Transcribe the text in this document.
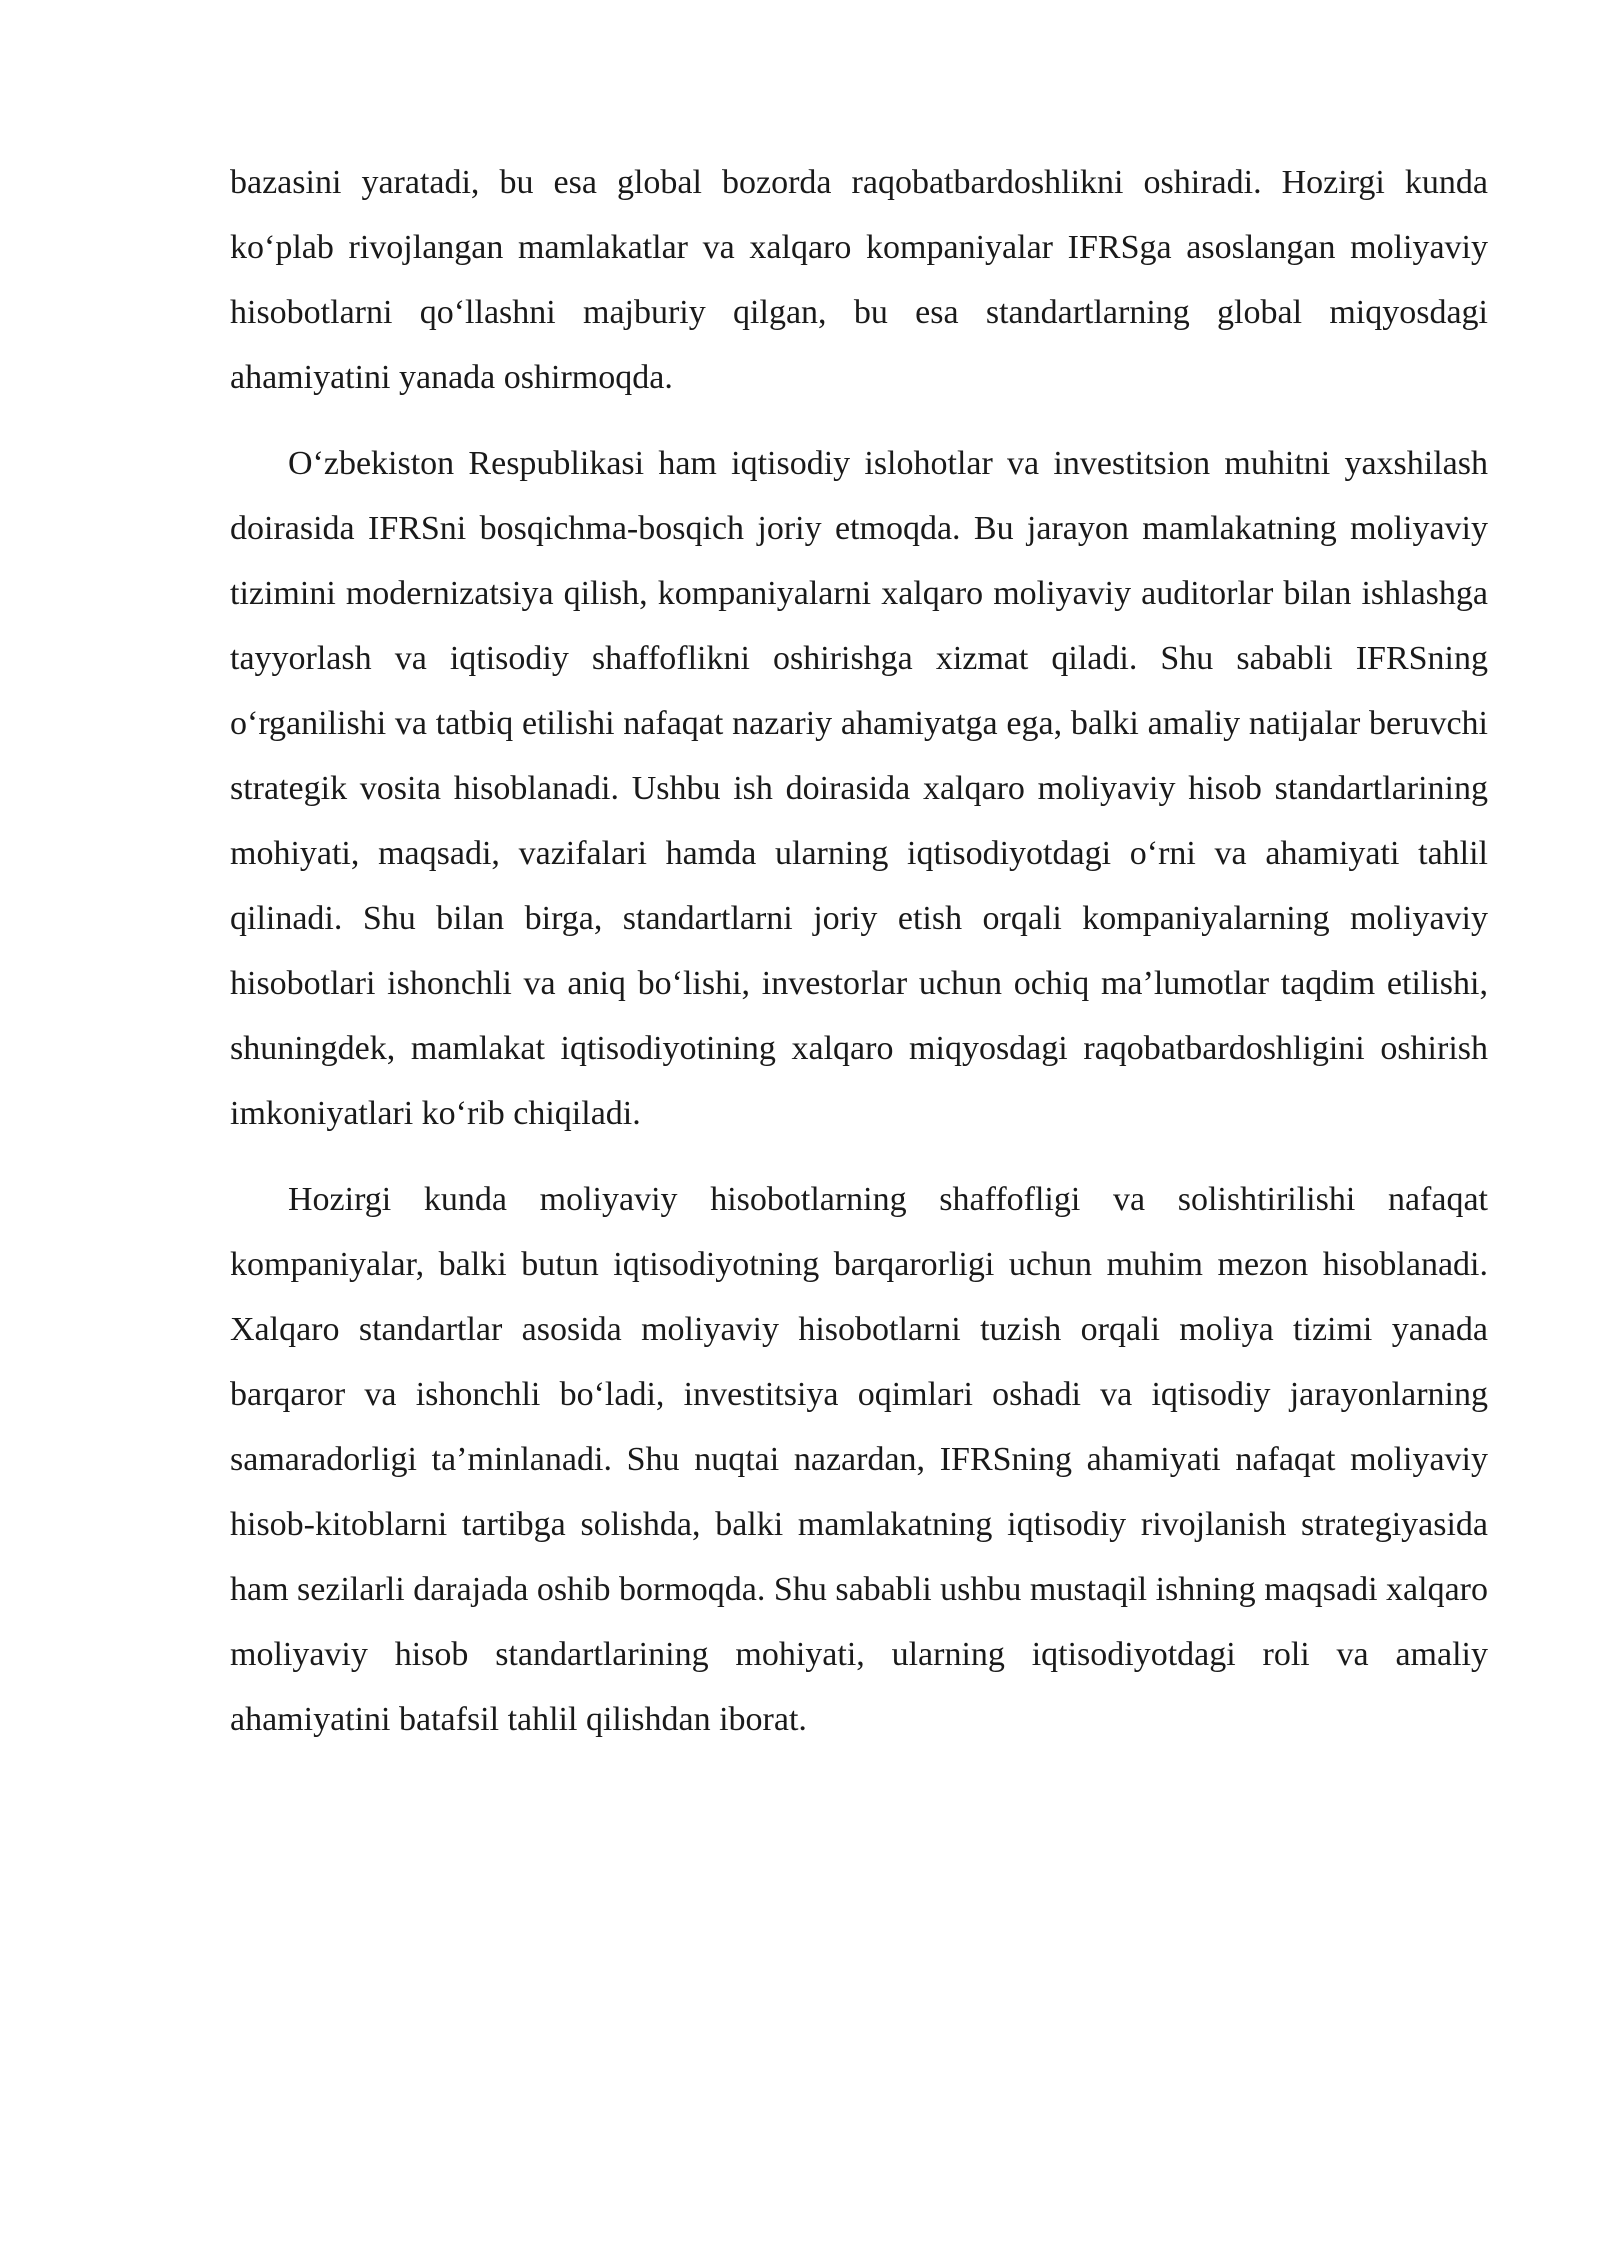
bazasini yaratadi, bu esa global bozorda raqobatbardoshlikni oshiradi. Hozirgi kunda ko‘plab rivojlangan mamlakatlar va xalqaro kompaniyalar IFRSga asoslangan moliyaviy hisobotlarni qo‘llashni majburiy qilgan, bu esa standartlarning global miqyosdagi ahamiyatini yanada oshirmoqda.

O‘zbekiston Respublikasi ham iqtisodiy islohotlar va investitsion muhitni yaxshilash doirasida IFRSni bosqichma-bosqich joriy etmoqda. Bu jarayon mamlakatning moliyaviy tizimini modernizatsiya qilish, kompaniyalarni xalqaro moliyaviy auditorlar bilan ishlashga tayyorlash va iqtisodiy shaffoflikni oshirishga xizmat qiladi. Shu sababli IFRSning o‘rganilishi va tatbiq etilishi nafaqat nazariy ahamiyatga ega, balki amaliy natijalar beruvchi strategik vosita hisoblanadi. Ushbu ish doirasida xalqaro moliyaviy hisob standartlarining mohiyati, maqsadi, vazifalari hamda ularning iqtisodiyotdagi o‘rni va ahamiyati tahlil qilinadi. Shu bilan birga, standartlarni joriy etish orqali kompaniyalarning moliyaviy hisobotlari ishonchli va aniq bo‘lishi, investorlar uchun ochiq ma’lumotlar taqdim etilishi, shuningdek, mamlakat iqtisodiyotining xalqaro miqyosdagi raqobatbardoshligini oshirish imkoniyatlari ko‘rib chiqiladi.

Hozirgi kunda moliyaviy hisobotlarning shaffofligi va solishtirilishi nafaqat kompaniyalar, balki butun iqtisodiyotning barqarorligi uchun muhim mezon hisoblanadi. Xalqaro standartlar asosida moliyaviy hisobotlarni tuzish orqali moliya tizimi yanada barqaror va ishonchli bo‘ladi, investitsiya oqimlari oshadi va iqtisodiy jarayonlarning samaradorligi ta’minlanadi. Shu nuqtai nazardan, IFRSning ahamiyati nafaqat moliyaviy hisob-kitoblarni tartibga solishda, balki mamlakatning iqtisodiy rivojlanish strategiyasida ham sezilarli darajada oshib bormoqda. Shu sababli ushbu mustaqil ishning maqsadi xalqaro moliyaviy hisob standartlarining mohiyati, ularning iqtisodiyotdagi roli va amaliy ahamiyatini batafsil tahlil qilishdan iborat.
